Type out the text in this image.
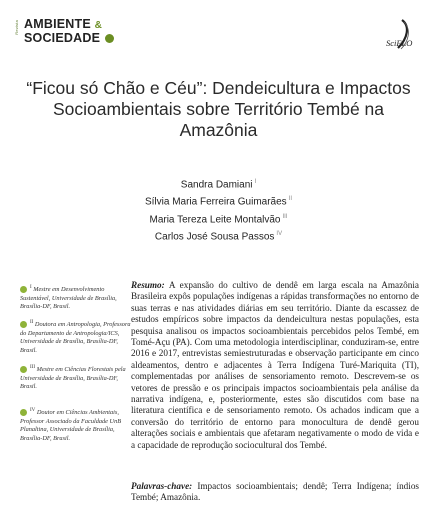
Revista AMBIENTE &
SOCIEDADE	SciELO
“Ficou só Chão e Céu”: Dendeicultura e Impactos Socioambientais sobre Território Tembé na Amazônia
Sandra Damiani $^I$
Sílvia Maria Ferreira Guimarães $^{II}$
Maria Tereza Leite Montalvão $^{III}$
Carlos José Sousa Passos $^{IV}$
$^I$ Mestre em Desenvolvimento Sustentável, Universidade de Brasília, Brasília-DF, Brasil.
$^{II}$ Doutora em Antropologia, Professora do Departamento de Antropologia/ICS, Universidade de Brasília, Brasília-DF, Brasil.
$^{III}$ Mestre em Ciências Florestais pela Universidade de Brasília, Brasília-DF, Brasil.
$^{IV}$ Doutor em Ciências Ambientais, Professor Associado da Faculdade UnB Planaltina, Universidade de Brasília, Brasília-DF, Brasil.
Resumo: A expansão do cultivo de dendê em larga escala na Amazônia Brasileira expôs populações indígenas a rápidas transformações no entorno de suas terras e nas atividades diárias em seu território. Diante da escassez de estudos empíricos sobre impactos da dendeicultura nestas populações, esta pesquisa analisou os impactos socioambientais percebidos pelos Tembé, em Tomé-Açu (PA). Com uma metodologia interdisciplinar, conduziram-se, entre 2016 e 2017, entrevistas semiestruturadas e observação participante em cinco aldeamentos, dentro e adjacentes à Terra Indígena Turé-Mariquita (TI), complementadas por análises de sensoriamento remoto. Descrevem-se os vetores de pressão e os principais impactos socioambientais pela análise da narrativa indígena, e, posteriormente, estes são discutidos com base na literatura científica e de sensoriamento remoto. Os achados indicam que a conversão do território de entorno para monocultura de dendê gerou alterações sociais e ambientais que afetaram negativamente o modo de vida e a capacidade de reprodução sociocultural dos Tembé.
Palavras-chave: Impactos socioambientais; dendê; Terra Indígena; índios Tembé; Amazônia.
